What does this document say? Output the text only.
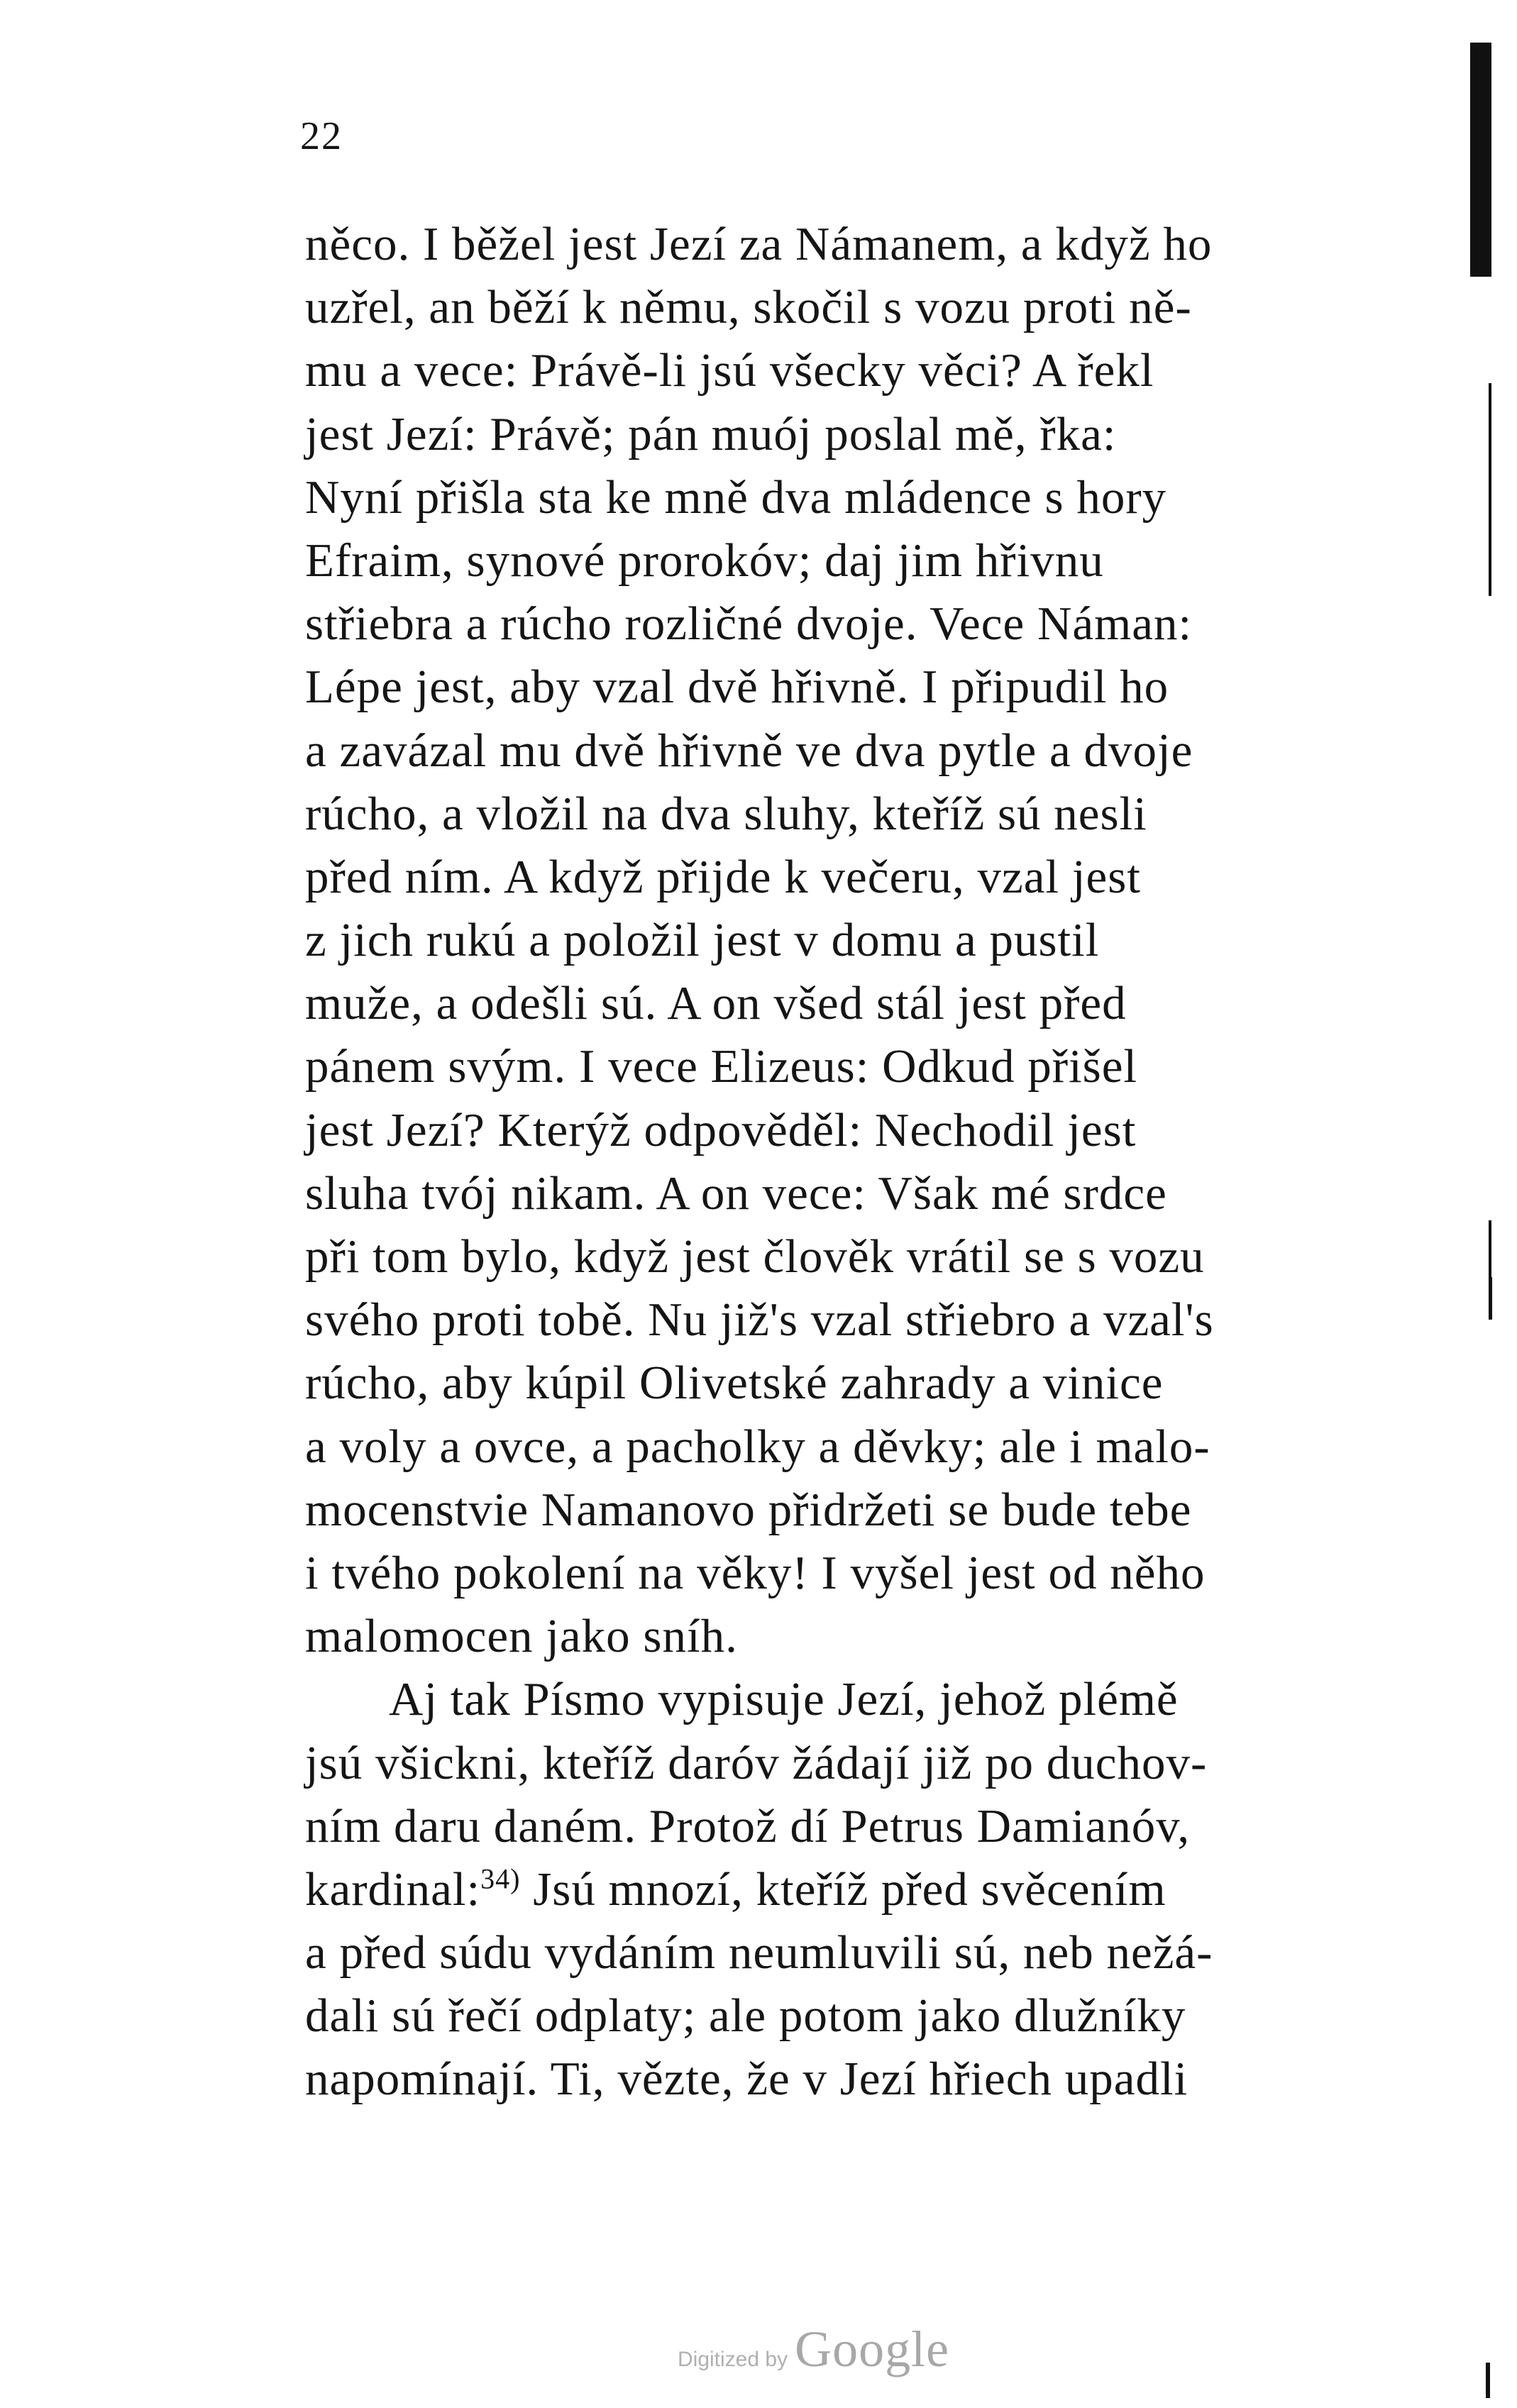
22
něco. I běžel jest Jezí za Námanem, a když ho
uzřel, an běží k němu, skočil s vozu proti ně-
mu a vece: Právě-li jsú všecky věci? A řekl
jest Jezí: Právě; pán muój poslal mě, řka:
Nyní přišla sta ke mně dva mládence s hory
Efraim, synové prorokóv; daj jim hřivnu
střiebra a rúcho rozličné dvoje. Vece Náman:
Lépe jest, aby vzal dvě hřivně. I připudil ho
a zavázal mu dvě hřivně ve dva pytle a dvoje
rúcho, a vložil na dva sluhy, kteříž sú nesli
před ním. A když přijde k večeru, vzal jest
z jich rukú a položil jest v domu a pustil
muže, a odešli sú. A on všed stál jest před
pánem svým. I vece Elizeus: Odkud přišel
jest Jezí? Kterýž odpověděl: Nechodil jest
sluha tvój nikam. A on vece: Však mé srdce
při tom bylo, když jest člověk vrátil se s vozu
svého proti tobě. Nu již's vzal střiebro a vzal's
rúcho, aby kúpil Olivetské zahrady a vinice
a voly a ovce, a pacholky a děvky; ale i malo-
mocenstvie Namanovo přidržeti se bude tebe
i tvého pokolení na věky! I vyšel jest od něho
malomocen jako sníh.
Aj tak Písmo vypisuje Jezí, jehož plémě
jsú všickni, kteříž daróv žádají již po duchov-
ním daru daném. Protož dí Petrus Damianóv,
kardinal:$^{34)}$ Jsú mnozí, kteříž před svěcením
a před súdu vydáním neumluvili sú, neb nežá-
dali sú řečí odplaty; ale potom jako dlužníky
napomínají. Ti, vězte, že v Jezí hřiech upadli
Digitized by Google
